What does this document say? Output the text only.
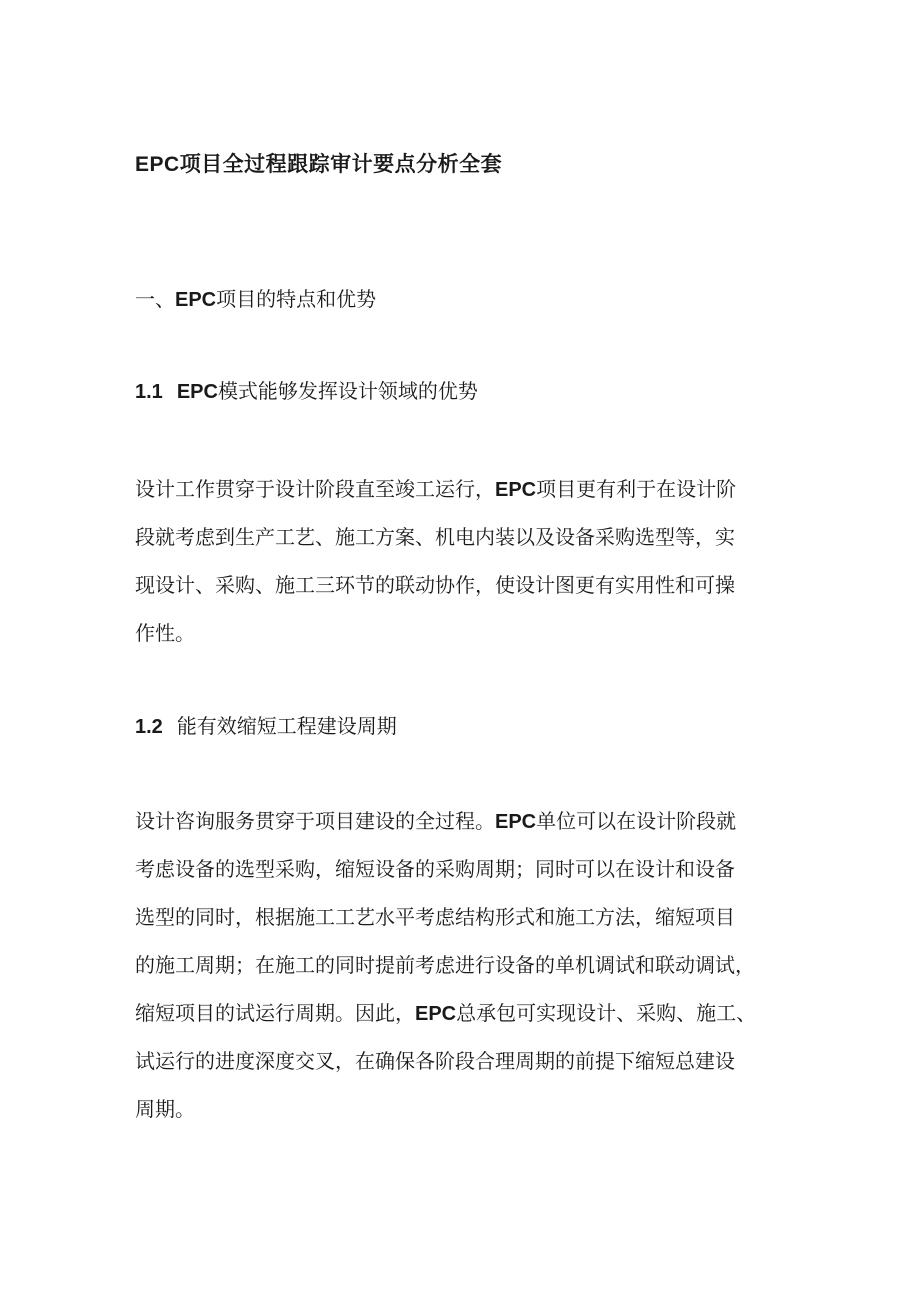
EPC项目全过程跟踪审计要点分析全套
一、EPC项目的特点和优势
1.1 EPC模式能够发挥设计领域的优势
设计工作贯穿于设计阶段直至竣工运行，EPC项目更有利于在设计阶
段就考虑到生产工艺、施工方案、机电内装以及设备采购选型等，实
现设计、采购、施工三环节的联动协作，使设计图更有实用性和可操
作性。
1.2 能有效缩短工程建设周期
设计咨询服务贯穿于项目建设的全过程。EPC单位可以在设计阶段就
考虑设备的选型采购，缩短设备的采购周期；同时可以在设计和设备
选型的同时，根据施工工艺水平考虑结构形式和施工方法，缩短项目
的施工周期；在施工的同时提前考虑进行设备的单机调试和联动调试，
缩短项目的试运行周期。因此，EPC总承包可实现设计、采购、施工、
试运行的进度深度交叉，在确保各阶段合理周期的前提下缩短总建设
周期。
